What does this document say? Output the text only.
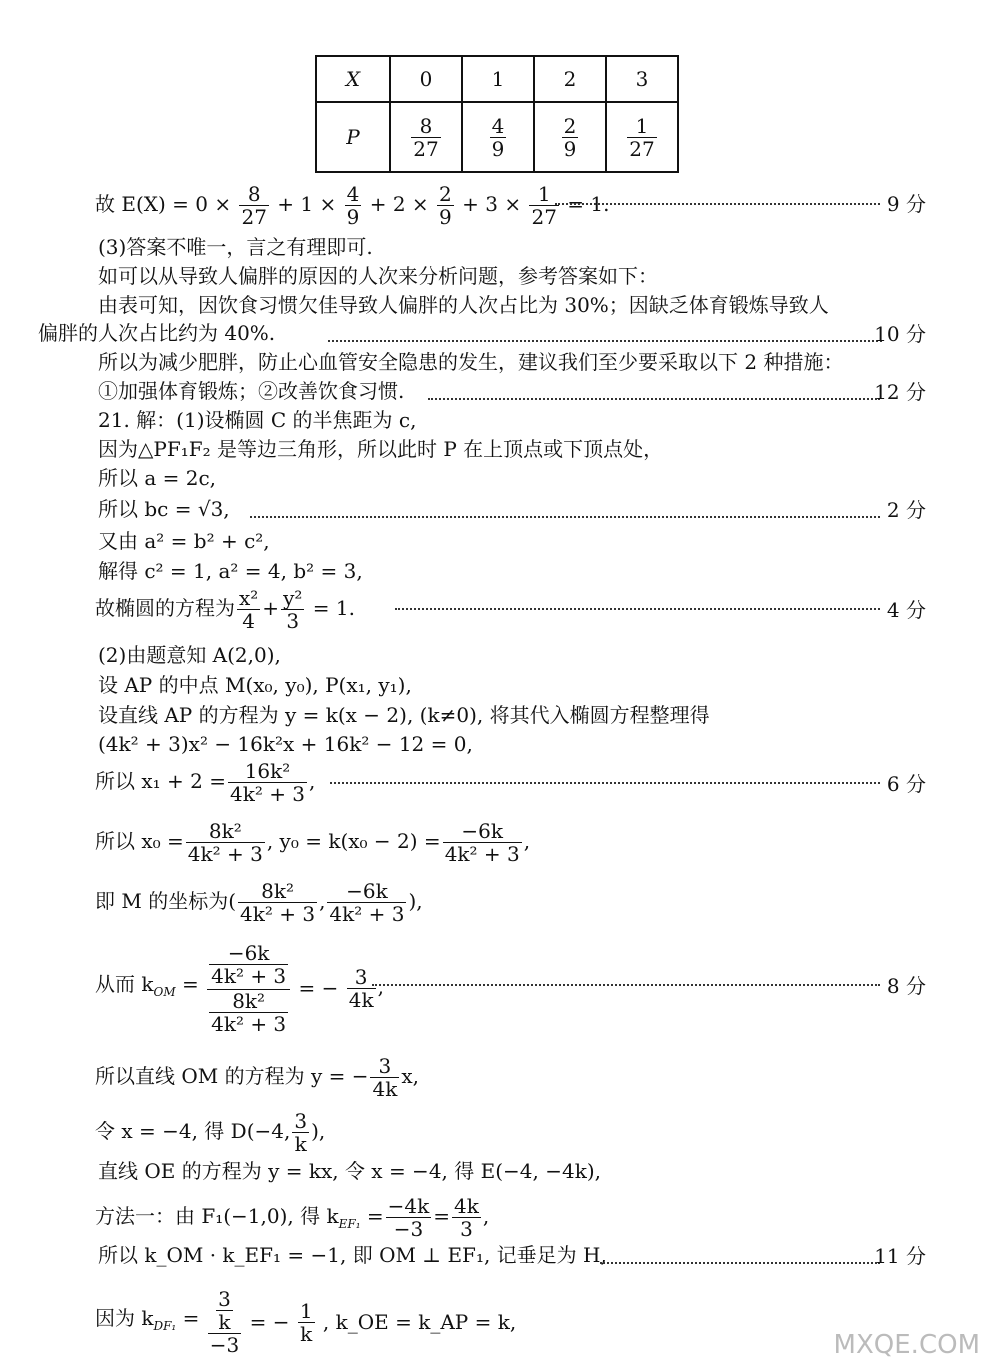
X	0	1	2	3
P	$\frac{8}{27}$	$\frac{4}{9}$	$\frac{2}{9}$	$\frac{1}{27}$
故 $E(X) = 0 \times \frac{8}{27} + 1 \times \frac{4}{9} + 2 \times \frac{2}{9} + 3 \times \frac{1}{27} = 1$.	9 分
(3)答案不唯一，言之有理即可.
如可以从导致人偏胖的原因的人次来分析问题，参考答案如下：
由表可知，因饮食习惯欠佳导致人偏胖的人次占比为 30%；因缺乏体育锻炼导致人
偏胖的人次占比约为 40%.	10 分
所以为减少肥胖，防止心血管安全隐患的发生，建议我们至少要采取以下 2 种措施：
①加强体育锻炼；②改善饮食习惯.	12 分
21. 解：(1)设椭圆 C 的半焦距为 c,
因为△PF₁F₂ 是等边三角形，所以此时 P 在上顶点或下顶点处，
所以 a = 2c,
所以 bc = √3,	2 分
又由 a² = b² + c²,
解得 c² = 1, a² = 4, b² = 3,
故椭圆的方程为 $\frac{\text{x²}}{4} + \frac{\text{y²}}{3} = 1$.	4 分
(2)由题意知 A(2,0),
设 AP 的中点 M(x₀, y₀), P(x₁, y₁),
设直线 AP 的方程为 y = k(x − 2), (k≠0), 将其代入椭圆方程整理得
(4k² + 3)x² − 16k²x + 16k² − 12 = 0,
所以 $x_1 + 2 = \frac{\text{16k²}}{\text{4k² + 3}}$ ,	6 分
所以 $x_0 = \frac{\text{8k²}}{\text{4k² + 3}}$ , $y_0 = k(x_0 - 2) = \frac{-6k}{\text{4k² + 3}}$ ,
即 M 的坐标为( $\frac{\text{8k²}}{\text{4k² + 3}}$ , $\frac{-6k}{\text{4k² + 3}}$ ),
从而 $k_{OM} = \frac{\frac{-6k}{\text{4k² + 3}}}{\frac{\text{8k²}}{\text{4k² + 3}}}$ = − $\frac{3}{4k}$ ,	8 分
所以直线 OM 的方程为 y = − $\frac{3}{4k} x$,
令 x = −4, 得 D(−4, $\frac{3}{k}$ ),
直线 OE 的方程为 y = kx, 令 x = −4, 得 E(−4, −4k),
方法一：由 F₁(−1,0), 得 $k_{EF_1} = \frac{-4k}{-3} = \frac{4k}{3}$ ,
所以 k_OM · k_EF₁ = −1, 即 OM ⊥ EF₁, 记垂足为 H,	11 分
因为 $k_{DF_1} = \frac{\frac{3}{k}}{-3}$ = − $\frac{1}{k}$ , k_OE = k_AP = k,
MXQE.COM
